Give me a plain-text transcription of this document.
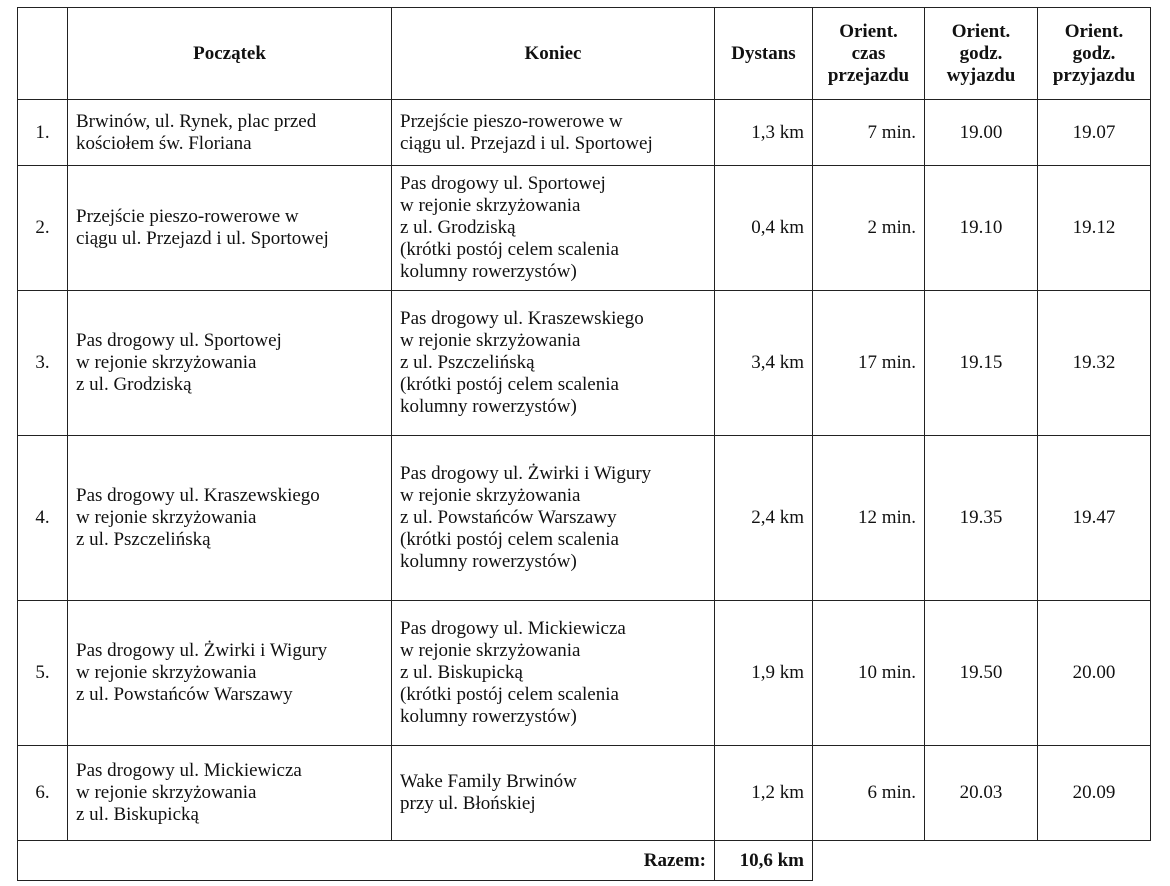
	Początek	Koniec	Dystans	Orient.
czas
przejazdu	Orient.
godz.
wyjazdu	Orient.
godz.
przyjazdu

1.	Brwinów, ul. Rynek, plac przed
kościołem św. Floriana	Przejście pieszo-rowerowe w
ciągu ul. Przejazd i ul. Sportowej	1,3 km	7 min.	19.00	19.07
2.	Przejście pieszo-rowerowe w
ciągu ul. Przejazd i ul. Sportowej	Pas drogowy ul. Sportowej
w rejonie skrzyżowania
z ul. Grodziską
(krótki postój celem scalenia
kolumny rowerzystów)	0,4 km	2 min.	19.10	19.12
3.	Pas drogowy ul. Sportowej
w rejonie skrzyżowania
z ul. Grodziską	Pas drogowy ul. Kraszewskiego
w rejonie skrzyżowania
z ul. Pszczelińską
(krótki postój celem scalenia
kolumny rowerzystów)	3,4 km	17 min.	19.15	19.32
4.	Pas drogowy ul. Kraszewskiego
w rejonie skrzyżowania
z ul. Pszczelińską	Pas drogowy ul. Żwirki i Wigury
w rejonie skrzyżowania
z ul. Powstańców Warszawy
(krótki postój celem scalenia
kolumny rowerzystów)	2,4 km	12 min.	19.35	19.47
5.	Pas drogowy ul. Żwirki i Wigury
w rejonie skrzyżowania
z ul. Powstańców Warszawy	Pas drogowy ul. Mickiewicza
w rejonie skrzyżowania
z ul. Biskupicką
(krótki postój celem scalenia
kolumny rowerzystów)	1,9 km	10 min.	19.50	20.00
6.	Pas drogowy ul. Mickiewicza
w rejonie skrzyżowania
z ul. Biskupicką	Wake Family Brwinów
przy ul. Błońskiej	1,2 km	6 min.	20.03	20.09
Razem:			10,6 km			
